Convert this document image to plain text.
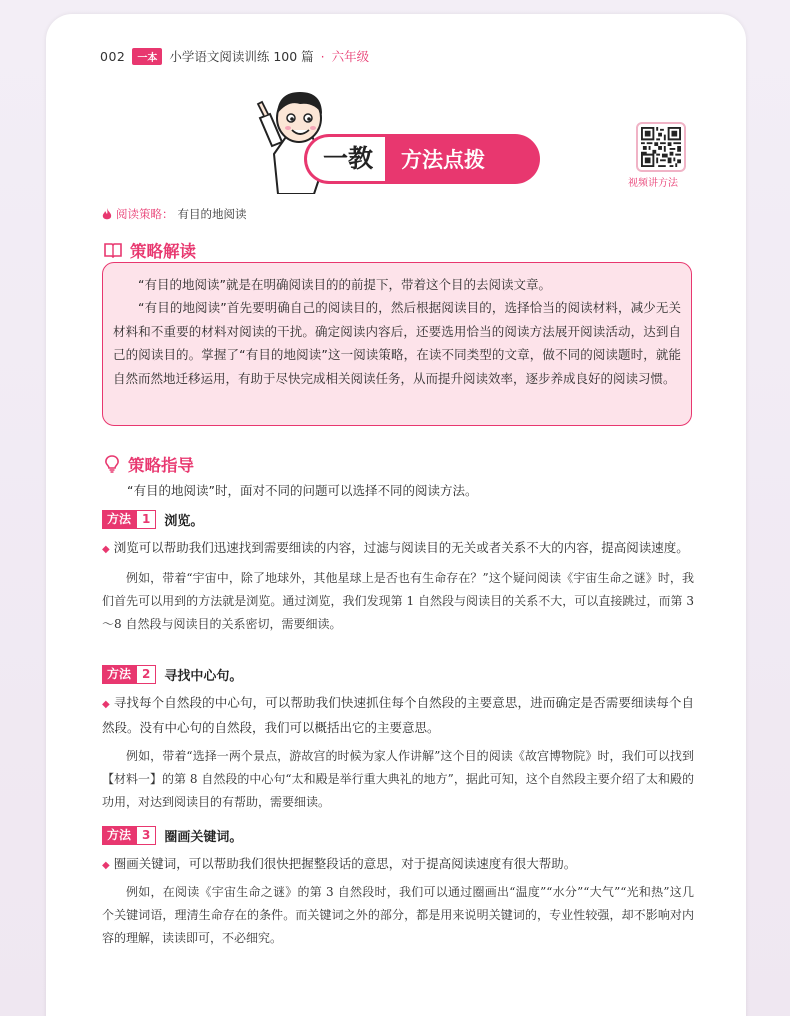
002	一本 小学语文阅读训练 100 篇 · 六年级
一教	方法点拨
视频讲方法
阅读策略： 有目的地阅读
策略解读

“有目的地阅读”就是在明确阅读目的的前提下，带着这个目的去阅读文章。

“有目的地阅读”首先要明确自己的阅读目的，然后根据阅读目的，选择恰当的阅读材料，减少无关材料和不重要的材料对阅读的干扰。确定阅读内容后，还要选用恰当的阅读方法展开阅读活动，达到自己的阅读目的。掌握了“有目的地阅读”这一阅读策略，在读不同类型的文章，做不同的阅读题时，就能自然而然地迁移运用，有助于尽快完成相关阅读任务，从而提升阅读效率，逐步养成良好的阅读习惯。

策略指导

“有目的地阅读”时，面对不同的问题可以选择不同的阅读方法。

方法 1	浏览。

◆ 浏览可以帮助我们迅速找到需要细读的内容，过滤与阅读目的无关或者关系不大的内容，提高阅读速度。

例如，带着“宇宙中，除了地球外，其他星球上是否也有生命存在？”这个疑问阅读《宇宙生命之谜》时，我们首先可以用到的方法就是浏览。通过浏览，我们发现第 1 自然段与阅读目的关系不大，可以直接跳过，而第 3～8 自然段与阅读目的关系密切，需要细读。

方法 2	寻找中心句。

◆ 寻找每个自然段的中心句，可以帮助我们快速抓住每个自然段的主要意思，进而确定是否需要细读每个自然段。没有中心句的自然段，我们可以概括出它的主要意思。

例如，带着“选择一两个景点，游故宫的时候为家人作讲解”这个目的阅读《故宫博物院》时，我们可以找到【材料一】的第 8 自然段的中心句“太和殿是举行重大典礼的地方”，据此可知，这个自然段主要介绍了太和殿的功用，对达到阅读目的有帮助，需要细读。

方法 3	圈画关键词。

◆ 圈画关键词，可以帮助我们很快把握整段话的意思，对于提高阅读速度有很大帮助。

例如，在阅读《宇宙生命之谜》的第 3 自然段时，我们可以通过圈画出“温度”“水分”“大气”“光和热”这几个关键词语，理清生命存在的条件。而关键词之外的部分，都是用来说明关键词的，专业性较强，却不影响对内容的理解，读读即可，不必细究。
